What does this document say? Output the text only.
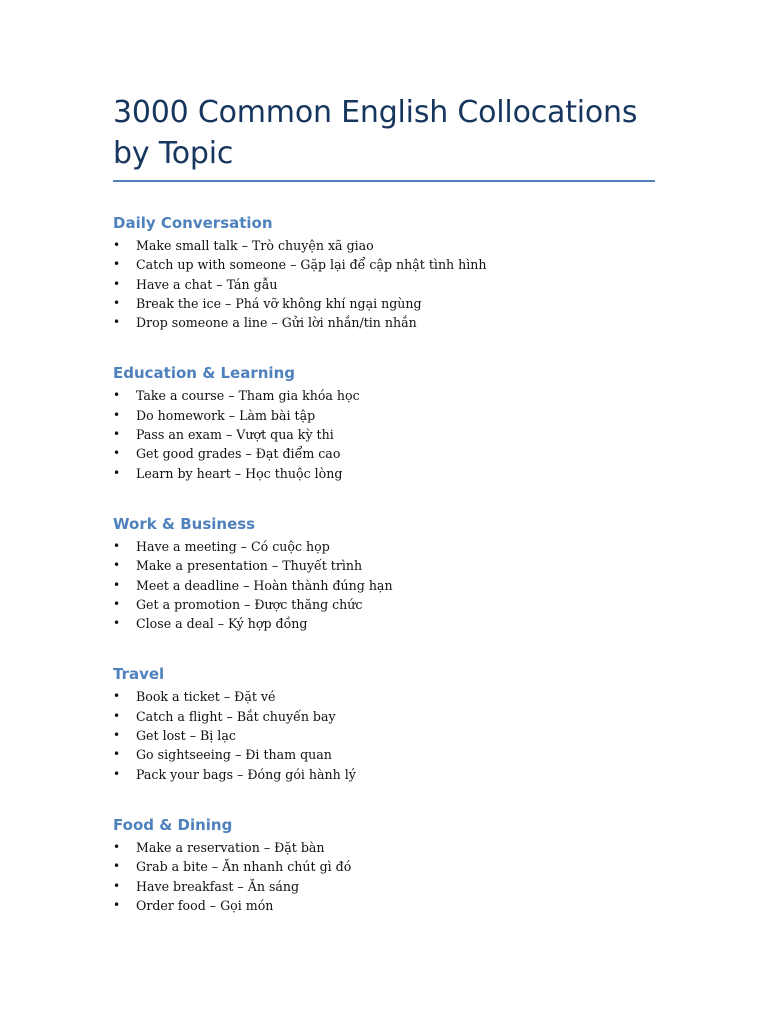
3000 Common English Collocations by Topic
Daily Conversation
• Make small talk – Trò chuyện xã giao
• Catch up with someone – Gặp lại để cập nhật tình hình
• Have a chat – Tán gẫu
• Break the ice – Phá vỡ không khí ngại ngùng
• Drop someone a line – Gửi lời nhắn/tin nhắn
Education & Learning
• Take a course – Tham gia khóa học
• Do homework – Làm bài tập
• Pass an exam – Vượt qua kỳ thi
• Get good grades – Đạt điểm cao
• Learn by heart – Học thuộc lòng
Work & Business
• Have a meeting – Có cuộc họp
• Make a presentation – Thuyết trình
• Meet a deadline – Hoàn thành đúng hạn
• Get a promotion – Được thăng chức
• Close a deal – Ký hợp đồng
Travel
• Book a ticket – Đặt vé
• Catch a flight – Bắt chuyến bay
• Get lost – Bị lạc
• Go sightseeing – Đi tham quan
• Pack your bags – Đóng gói hành lý
Food & Dining
• Make a reservation – Đặt bàn
• Grab a bite – Ăn nhanh chút gì đó
• Have breakfast – Ăn sáng
• Order food – Gọi món
